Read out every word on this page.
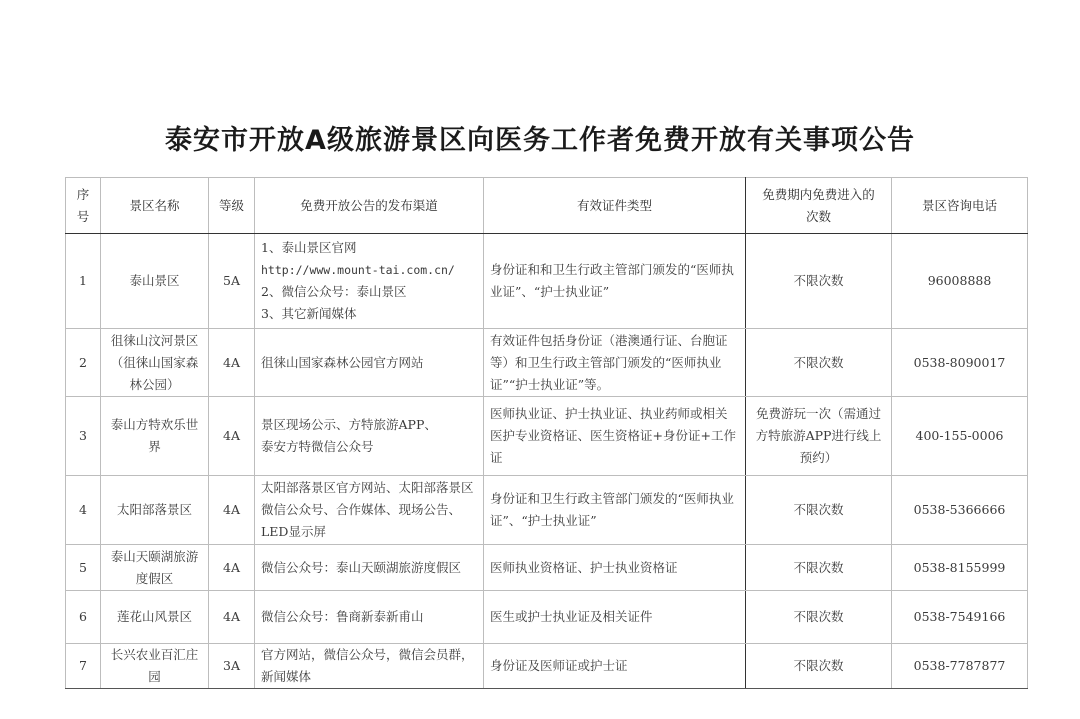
泰安市开放A级旅游景区向医务工作者免费开放有关事项公告
序号	景区名称	等级	免费开放公告的发布渠道	有效证件类型	免费期内免费进入的次数	景区咨询电话
1	泰山景区	5A	1、泰山景区官网
http://www.mount-tai.com.cn/
2、微信公众号：泰山景区
3、其它新闻媒体	身份证和和卫生行政主管部门颁发的“医师执业证”、“护士执业证”	不限次数	96008888
2	徂徕山汶河景区（徂徕山国家森林公园）	4A	徂徕山国家森林公园官方网站	有效证件包括身份证（港澳通行证、台胞证等）和卫生行政主管部门颁发的“医师执业证”“护士执业证”等。	不限次数	0538-8090017
3	泰山方特欢乐世界	4A	景区现场公示、方特旅游APP、
泰安方特微信公众号	医师执业证、护士执业证、执业药师或相关医护专业资格证、医生资格证+身份证+工作证	免费游玩一次（需通过方特旅游APP进行线上预约）	400-155-0006
4	太阳部落景区	4A	太阳部落景区官方网站、太阳部落景区微信公众号、合作媒体、现场公告、LED显示屏	身份证和卫生行政主管部门颁发的“医师执业证”、“护士执业证”	不限次数	0538-5366666
5	泰山天颐湖旅游度假区	4A	微信公众号：泰山天颐湖旅游度假区	医师执业资格证、护士执业资格证	不限次数	0538-8155999
6	莲花山风景区	4A	微信公众号：鲁商新泰新甫山	医生或护士执业证及相关证件	不限次数	0538-7549166
7	长兴农业百汇庄园	3A	官方网站，微信公众号，微信会员群，新闻媒体	身份证及医师证或护士证	不限次数	0538-7787877
